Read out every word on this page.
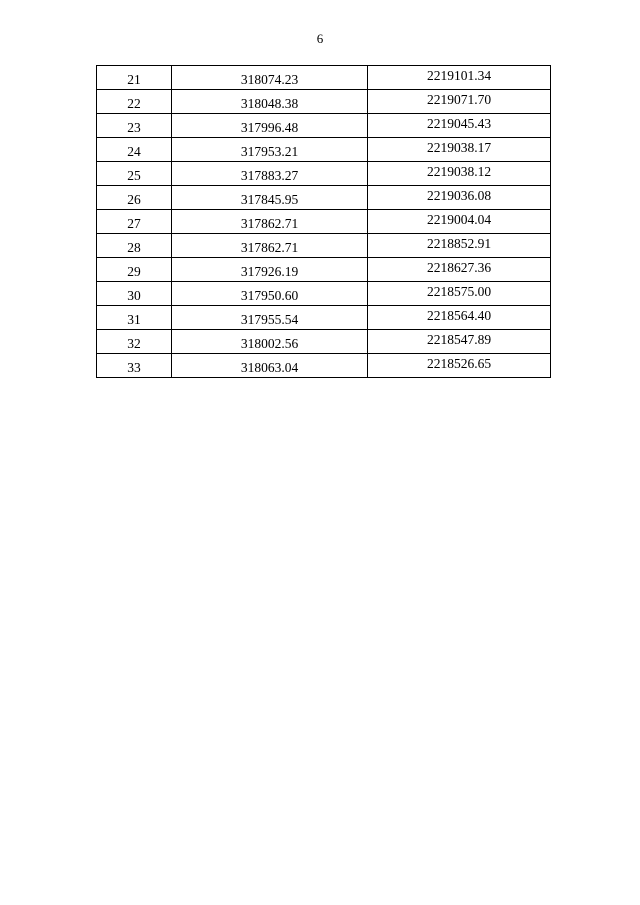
6
21	318074.23	2219101.34
22	318048.38	2219071.70
23	317996.48	2219045.43
24	317953.21	2219038.17
25	317883.27	2219038.12
26	317845.95	2219036.08
27	317862.71	2219004.04
28	317862.71	2218852.91
29	317926.19	2218627.36
30	317950.60	2218575.00
31	317955.54	2218564.40
32	318002.56	2218547.89
33	318063.04	2218526.65
